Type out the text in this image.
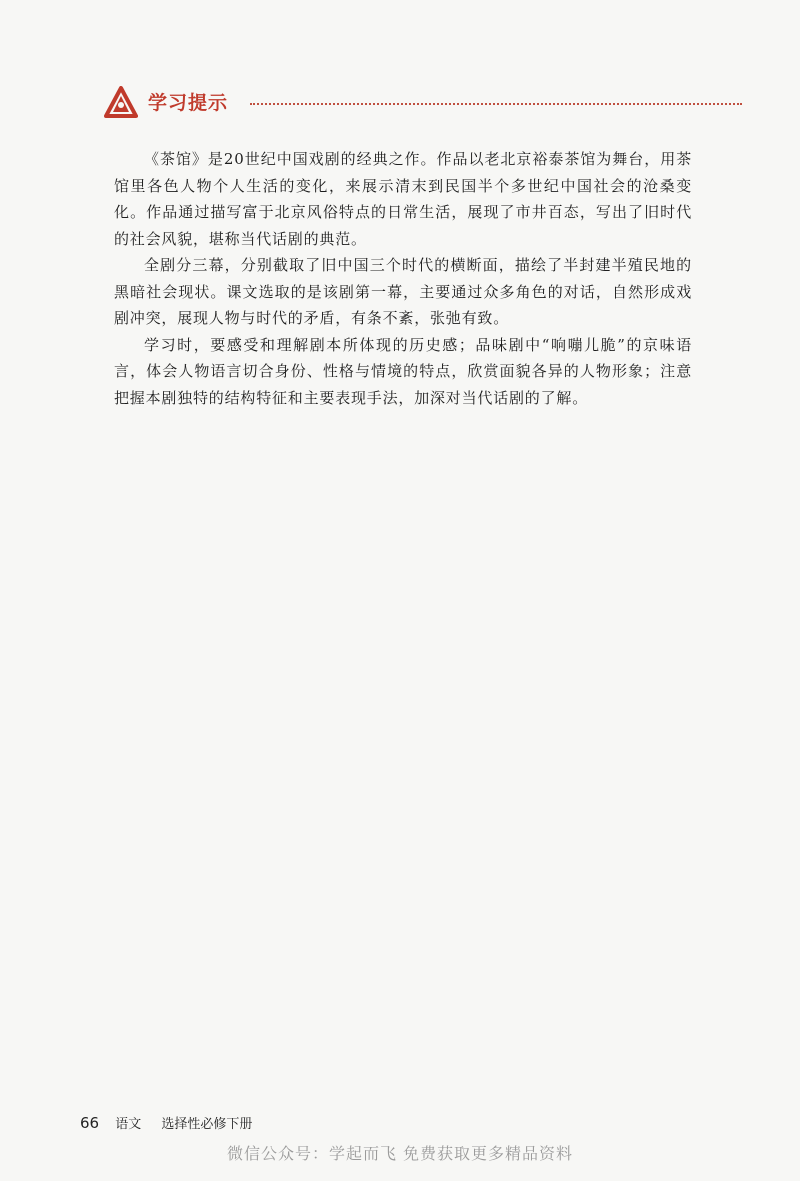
学习提示

《茶馆》是20世纪中国戏剧的经典之作。作品以老北京裕泰茶馆为舞台，用茶馆里各色人物个人生活的变化，来展示清末到民国半个多世纪中国社会的沧桑变化。作品通过描写富于北京风俗特点的日常生活，展现了市井百态，写出了旧时代的社会风貌，堪称当代话剧的典范。

全剧分三幕，分别截取了旧中国三个时代的横断面，描绘了半封建半殖民地的黑暗社会现状。课文选取的是该剧第一幕，主要通过众多角色的对话，自然形成戏剧冲突，展现人物与时代的矛盾，有条不紊，张弛有致。

学习时，要感受和理解剧本所体现的历史感；品味剧中“响嘣儿脆”的京味语言，体会人物语言切合身份、性格与情境的特点，欣赏面貌各异的人物形象；注意把握本剧独特的结构特征和主要表现手法，加深对当代话剧的了解。

66 语文 选择性必修下册
微信公众号：学起而飞 免费获取更多精品资料
